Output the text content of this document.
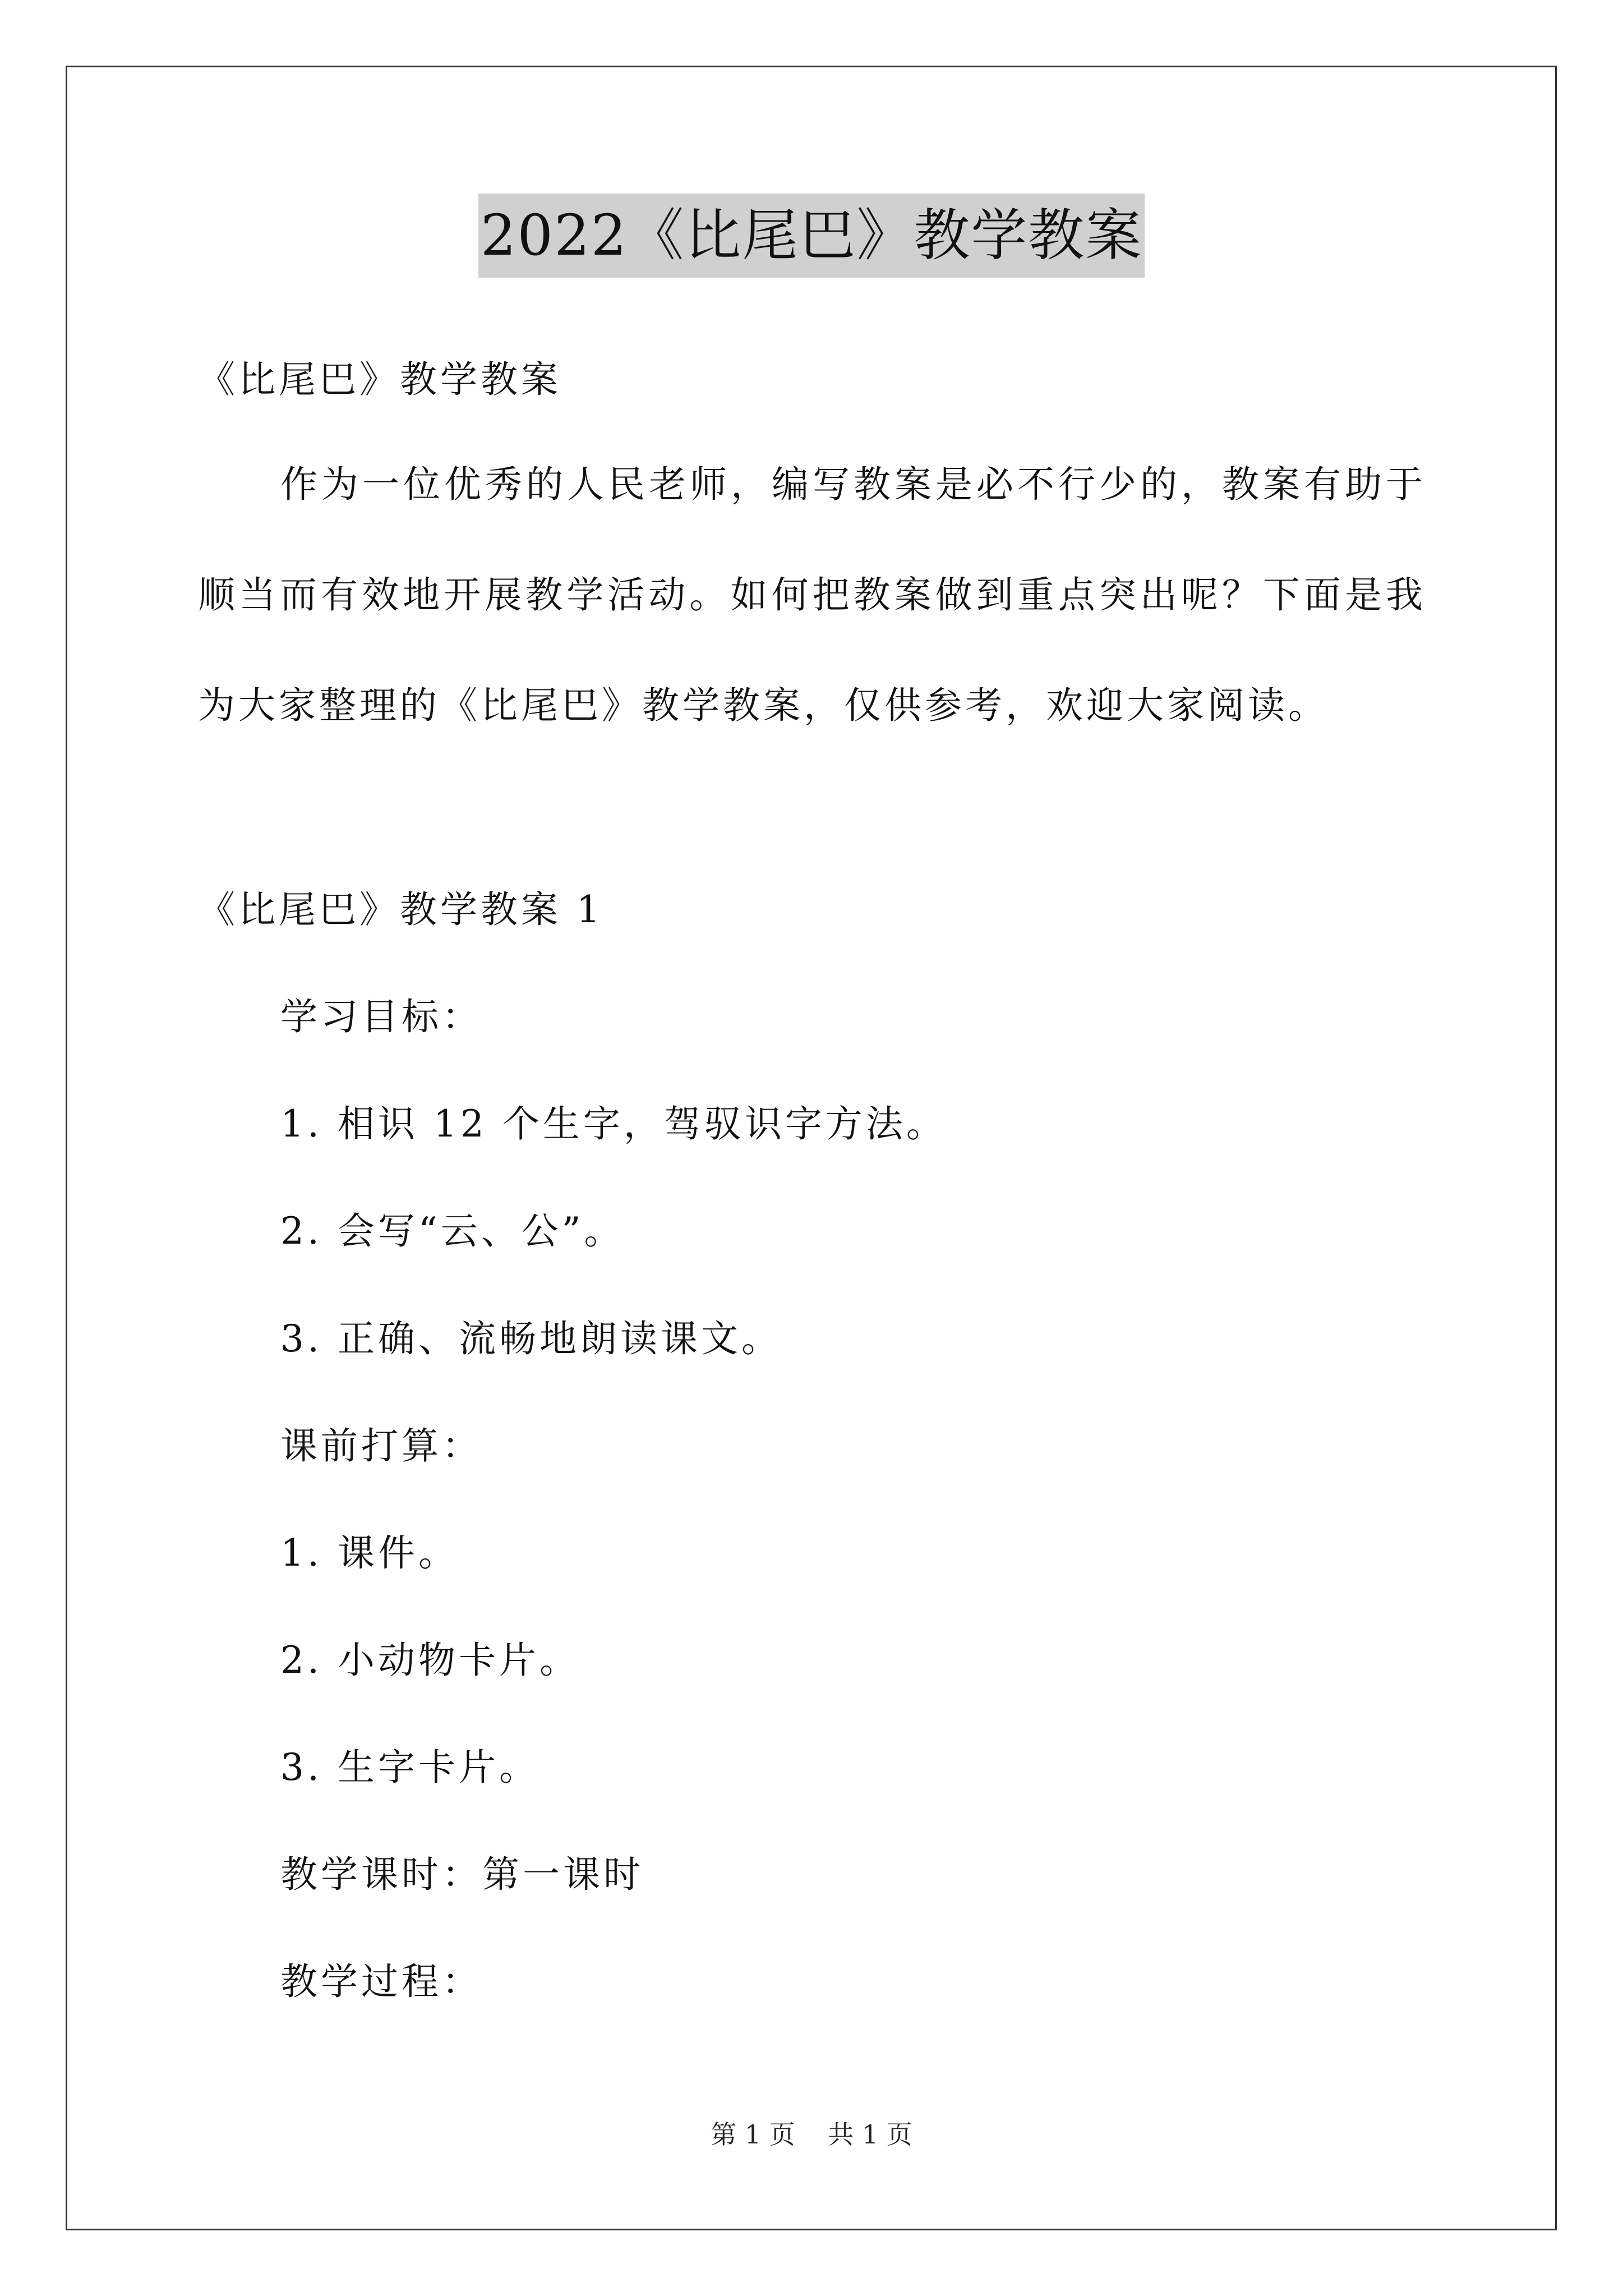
2022《比尾巴》教学教案
《比尾巴》教学教案
作为一位优秀的人民老师，编写教案是必不行少的，教案有助于顺当而有效地开展教学活动。如何把教案做到重点突出呢？下面是我为大家整理的《比尾巴》教学教案，仅供参考，欢迎大家阅读。
《比尾巴》教学教案 1
学习目标：
1. 相识 12 个生字，驾驭识字方法。
2. 会写“云、公”。
3. 正确、流畅地朗读课文。
课前打算：
1. 课件。
2. 小动物卡片。
3. 生字卡片。
教学课时：第一课时
教学过程：
第 1 页    共 1 页
